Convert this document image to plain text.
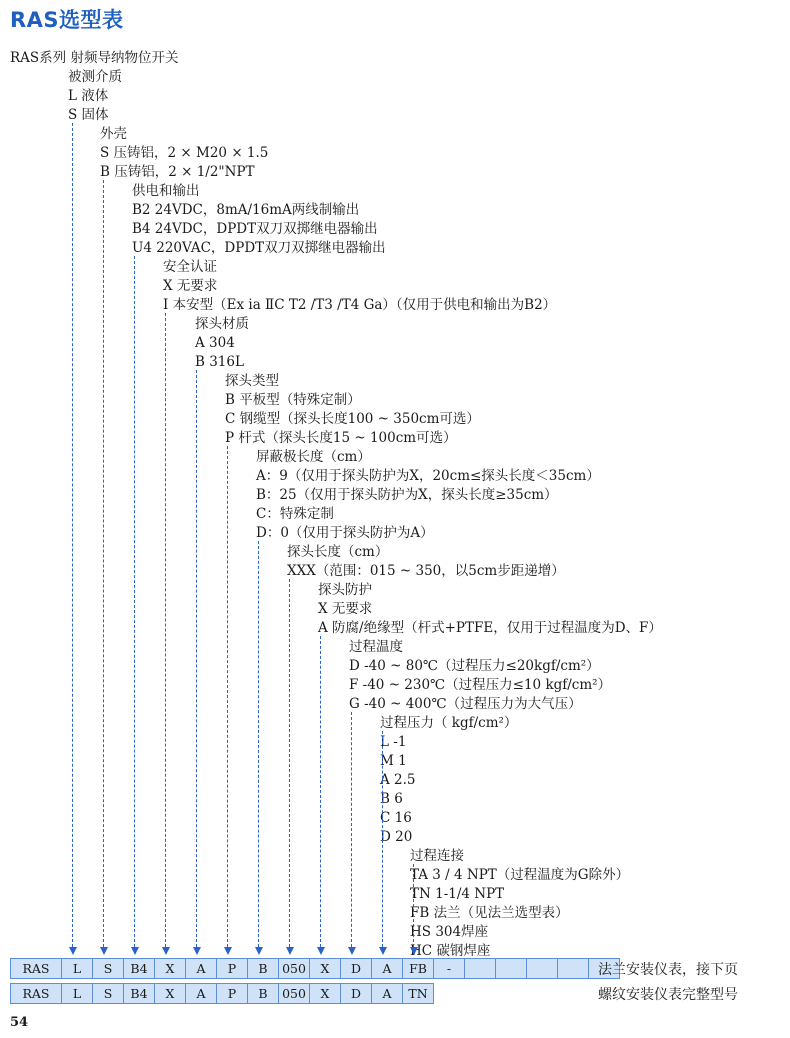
RAS选型表
RAS系列 射频导纳物位开关
被测介质
L 液体
S 固体
外壳
S 压铸铝，2 × M20 × 1.5
B 压铸铝，2 × 1/2"NPT
供电和输出
B2 24VDC，8mA/16mA两线制输出
B4 24VDC，DPDT双刀双掷继电器输出
U4 220VAC，DPDT双刀双掷继电器输出
安全认证
X 无要求
I 本安型（Ex ia ⅡC T2 /T3 /T4 Ga）（仅用于供电和输出为B2）
探头材质
A 304
B 316L
探头类型
B 平板型（特殊定制）
C 钢缆型（探头长度100 ~ 350cm可选）
P 杆式（探头长度15 ~ 100cm可选）
屏蔽极长度（cm）
A：9（仅用于探头防护为X，20cm≤探头长度＜35cm）
B：25（仅用于探头防护为X，探头长度≥35cm）
C：特殊定制
D：0（仅用于探头防护为A）
探头长度（cm）
XXX（范围：015 ~ 350，以5cm步距递增）
探头防护
X 无要求
A 防腐/绝缘型（杆式+PTFE，仅用于过程温度为D、F）
过程温度
D -40 ~ 80℃（过程压力≤20kgf/cm²）
F -40 ~ 230℃（过程压力≤10 kgf/cm²）
G -40 ~ 400℃（过程压力为大气压）
过程压力（ kgf/cm²）
L -1
M 1
A 2.5
B 6
C 16
D 20
过程连接
TA 3 / 4 NPT（过程温度为G除外）
TN 1-1/4 NPT
FB 法兰（见法兰选型表）
HS 304焊座
HC 碳钢焊座
RAS	L	S	B4	X	A	P	B	050	X	D	A	FB	-					
RAS	L	S	B4	X	A	P	B	050	X	D	A	TN
法兰安装仪表，接下页
螺纹安装仪表完整型号
54
